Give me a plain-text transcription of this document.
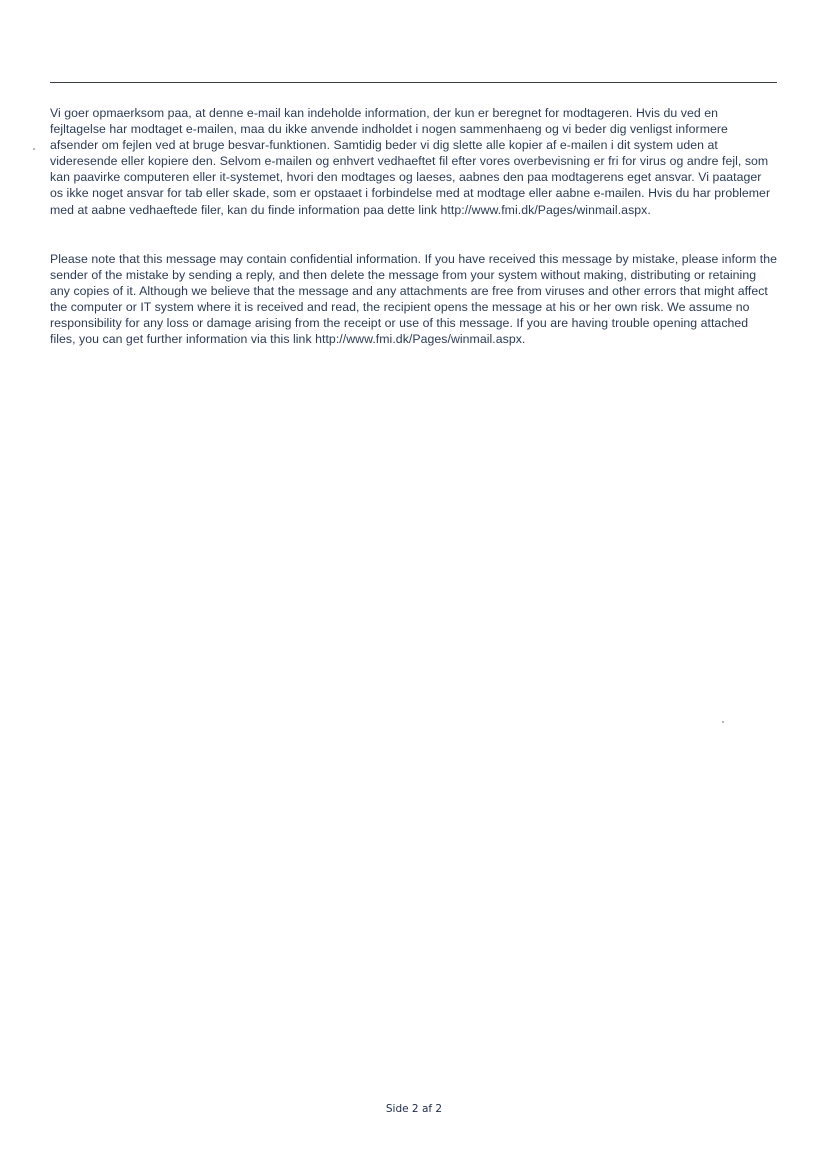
Vi goer opmaerksom paa, at denne e-mail kan indeholde information, der kun er beregnet for modtageren. Hvis du ved en fejltagelse har modtaget e-mailen, maa du ikke anvende indholdet i nogen sammenhaeng og vi beder dig venligst informere afsender om fejlen ved at bruge besvar-funktionen. Samtidig beder vi dig slette alle kopier af e-mailen i dit system uden at videresende eller kopiere den. Selvom e-mailen og enhvert vedhaeftet fil efter vores overbevisning er fri for virus og andre fejl, som kan paavirke computeren eller it-systemet, hvori den modtages og laeses, aabnes den paa modtagerens eget ansvar. Vi paatager os ikke noget ansvar for tab eller skade, som er opstaaet i forbindelse med at modtage eller aabne e-mailen. Hvis du har problemer med at aabne vedhaeftede filer, kan du finde information paa dette link http://www.fmi.dk/Pages/winmail.aspx.

Please note that this message may contain confidential information. If you have received this message by mistake, please inform the sender of the mistake by sending a reply, and then delete the message from your system without making, distributing or retaining any copies of it. Although we believe that the message and any attachments are free from viruses and other errors that might affect the computer or IT system where it is received and read, the recipient opens the message at his or her own risk. We assume no responsibility for any loss or damage arising from the receipt or use of this message. If you are having trouble opening attached files, you can get further information via this link http://www.fmi.dk/Pages/winmail.aspx.

Side 2 af 2
